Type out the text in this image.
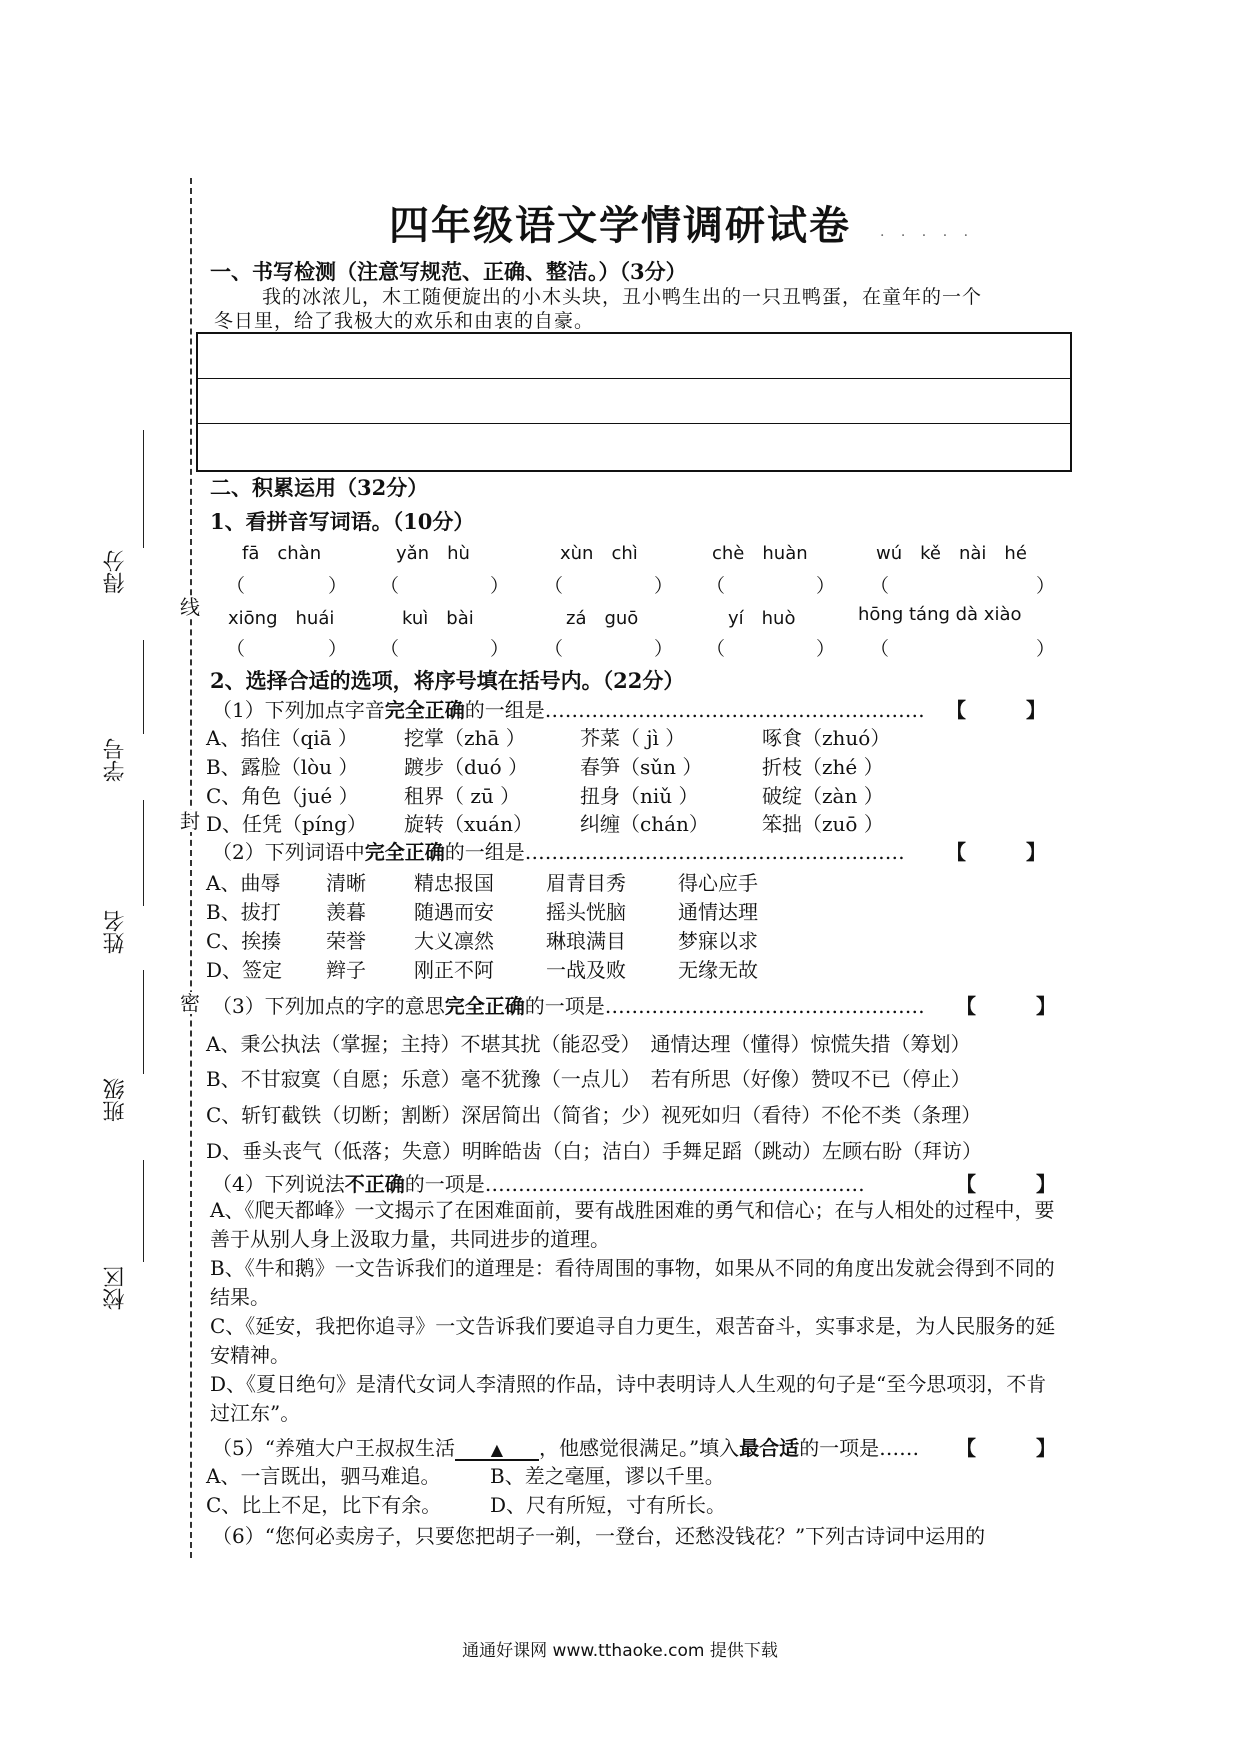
线
封
密
得分
学号
姓名
班级
校区
四年级语文学情调研试卷	· · · · ·
一、书写检测（注意写规范、正确、整洁。）（3分）
我的冰浓儿，木工随便旋出的小木头块，丑小鸭生出的一只丑鸭蛋，在童年的一个
冬日里，给了我极大的欢乐和由衷的自豪。
二、积累运用（32分）
1、看拼音写词语。（10分）
fā　chàn	yǎn　hù	xùn　chì	chè　huàn	wú　kě　nài　hé
（	） （	） （	） （	） （	）
xiōng　huái	kuì　bài	zá　guō	yí　huò	hōng táng dà xiào
（	） （	） （	） （	） （	）
2、选择合适的选项，将序号填在括号内。（22分）
（1）下列加点字音完全正确的一组是………………………………………………… 【　　　】
A、掐住（qiā ） 挖掌（zhā ）	芥菜（ jì ）	啄食（zhuó）
B、露脸（lòu ） 踱步（duó ）	春笋（sǔn ）	折枝（zhé ）
C、角色（jué ） 租界（ zū ）	扭身（niǔ ）	破绽（zàn ）
D、任凭（píng） 旋转（xuán） 纠缠（chán）	笨拙（zuō ）
（2）下列词语中完全正确的一组是………………………………………………… 【　　　】
A、曲辱 清晰 精忠报国	眉青目秀	得心应手
B、拔打 羡暮 随遇而安	摇头恍脑	通情达理
C、挨揍 荣誉 大义凛然	琳琅满目	梦寐以求
D、签定 辫子 刚正不阿	一战及败	无缘无故
（3）下列加点的字的意思完全正确的一项是………………………………………… 【　　　】
A、秉公执法（掌握；主持）不堪其扰（能忍受）　通情达理（懂得）惊慌失措（筹划）
B、不甘寂寞（自愿；乐意）毫不犹豫（一点儿）　若有所思（好像）赞叹不已（停止）
C、斩钉截铁（切断；割断）深居简出（简省；少）视死如归（看待）不伦不类（条理）
D、垂头丧气（低落；失意）明眸皓齿（白；洁白）手舞足蹈（跳动）左顾右盼（拜访）
（4）下列说法不正确的一项是…………………………………………………	【　　　】
A、《爬天都峰》一文揭示了在困难面前，要有战胜困难的勇气和信心；在与人相处的过程中，要善于从别人身上汲取力量，共同进步的道理。
B、《牛和鹅》一文告诉我们的道理是：看待周围的事物，如果从不同的角度出发就会得到不同的结果。
C、《延安，我把你追寻》一文告诉我们要追寻自力更生，艰苦奋斗，实事求是，为人民服务的延安精神。
D、《夏日绝句》是清代女词人李清照的作品，诗中表明诗人人生观的句子是“至今思项羽，不肯过江东”。
（5）“养殖大户王叔叔生活 ▲ ，他感觉很满足。”填入最合适的一项是…… 【　　　】
A、一言既出，驷马难追。 B、差之毫厘，谬以千里。
C、比上不足，比下有余。 D、尺有所短，寸有所长。
（6）“您何必卖房子，只要您把胡子一剃，一登台，还愁没钱花？”下列古诗词中运用的
通通好课网 www.tthaoke.com 提供下载
